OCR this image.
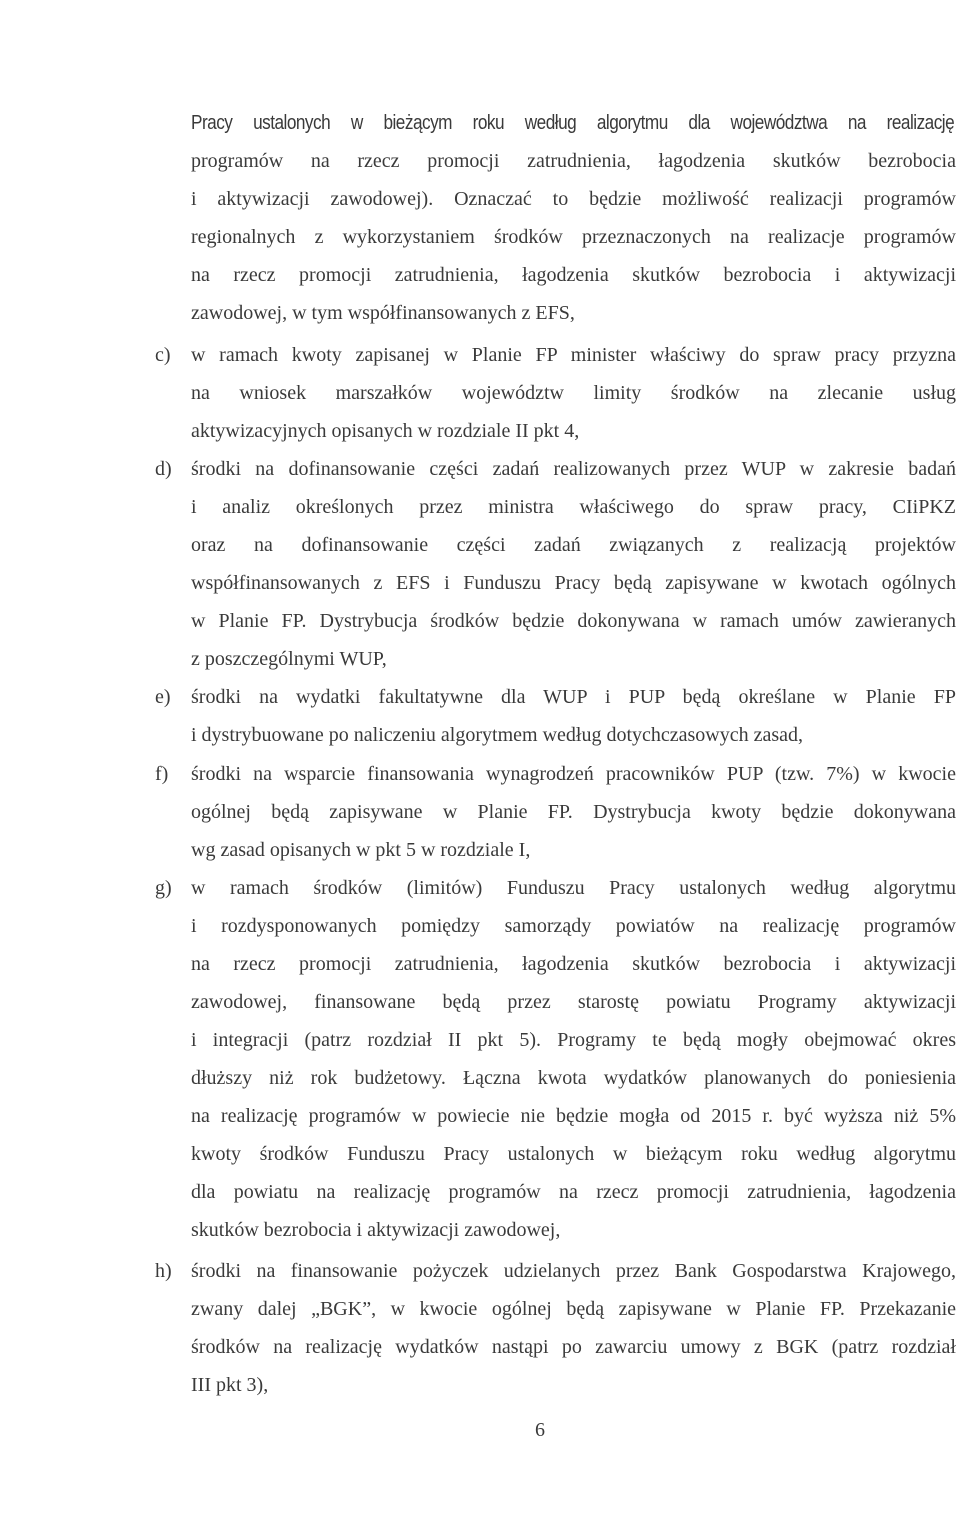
Pracy ustalonych w bieżącym roku według algorytmu dla województwa na realizację
programów na rzecz promocji zatrudnienia, łagodzenia skutków bezrobocia
i aktywizacji zawodowej). Oznaczać to będzie możliwość realizacji programów
regionalnych z wykorzystaniem środków przeznaczonych na realizacje programów
na rzecz promocji zatrudnienia, łagodzenia skutków bezrobocia i aktywizacji
zawodowej, w tym współfinansowanych z EFS,
c)	w ramach kwoty zapisanej w Planie FP minister właściwy do spraw pracy przyzna
na wniosek marszałków województw limity środków na zlecanie usług
aktywizacyjnych opisanych w rozdziale II pkt 4,
d) środki na dofinansowanie części zadań realizowanych przez WUP w zakresie badań
i analiz określonych przez ministra właściwego do spraw pracy, CIiPKZ
oraz na dofinansowanie części zadań związanych z realizacją projektów
współfinansowanych z EFS i Funduszu Pracy będą zapisywane w kwotach ogólnych
w Planie FP. Dystrybucja środków będzie dokonywana w ramach umów zawieranych
z poszczególnymi WUP,
e)	środki na wydatki fakultatywne dla WUP i PUP będą określane w Planie FP
i dystrybuowane po naliczeniu algorytmem według dotychczasowych zasad,
f)	środki na wsparcie finansowania wynagrodzeń pracowników PUP (tzw. 7%) w kwocie
ogólnej będą zapisywane w Planie FP. Dystrybucja kwoty będzie dokonywana
wg zasad opisanych w pkt 5 w rozdziale I,
g) w ramach środków (limitów) Funduszu Pracy ustalonych według algorytmu
i rozdysponowanych pomiędzy samorządy powiatów na realizację programów
na rzecz promocji zatrudnienia, łagodzenia skutków bezrobocia i aktywizacji
zawodowej, finansowane będą przez starostę powiatu Programy aktywizacji
i integracji (patrz rozdział II pkt 5). Programy te będą mogły obejmować okres
dłuższy niż rok budżetowy. Łączna kwota wydatków planowanych do poniesienia
na realizację programów w powiecie nie będzie mogła od 2015 r. być wyższa niż 5%
kwoty środków Funduszu Pracy ustalonych w bieżącym roku według algorytmu
dla powiatu na realizację programów na rzecz promocji zatrudnienia, łagodzenia
skutków bezrobocia i aktywizacji zawodowej,
h) środki na finansowanie pożyczek udzielanych przez Bank Gospodarstwa Krajowego,
zwany dalej „BGK”, w kwocie ogólnej będą zapisywane w Planie FP. Przekazanie
środków na realizację wydatków nastąpi po zawarciu umowy z BGK (patrz rozdział
III pkt 3),
6
